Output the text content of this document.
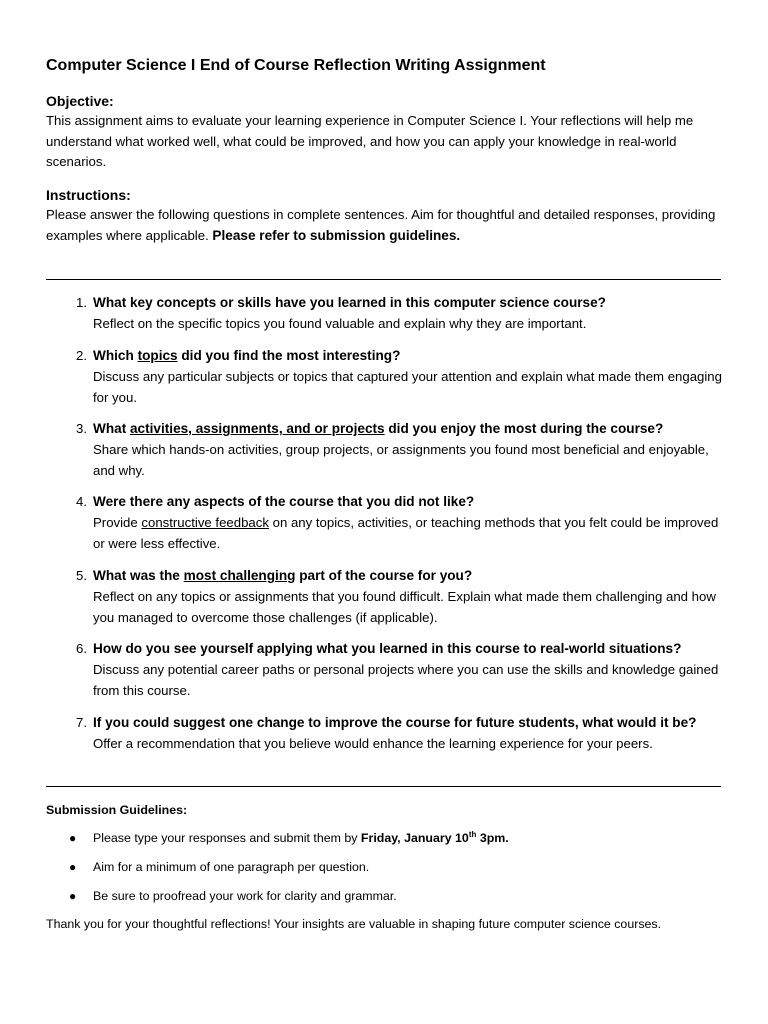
Computer Science I End of Course Reflection Writing Assignment
Objective:
This assignment aims to evaluate your learning experience in Computer Science I. Your reflections will help me understand what worked well, what could be improved, and how you can apply your knowledge in real-world scenarios.
Instructions:
Please answer the following questions in complete sentences. Aim for thoughtful and detailed responses, providing examples where applicable. Please refer to submission guidelines.
1. What key concepts or skills have you learned in this computer science course?
Reflect on the specific topics you found valuable and explain why they are important.
2. Which topics did you find the most interesting?
Discuss any particular subjects or topics that captured your attention and explain what made them engaging for you.
3. What activities, assignments, and or projects did you enjoy the most during the course?
Share which hands-on activities, group projects, or assignments you found most beneficial and enjoyable, and why.
4. Were there any aspects of the course that you did not like?
Provide constructive feedback on any topics, activities, or teaching methods that you felt could be improved or were less effective.
5. What was the most challenging part of the course for you?
Reflect on any topics or assignments that you found difficult. Explain what made them challenging and how you managed to overcome those challenges (if applicable).
6. How do you see yourself applying what you learned in this course to real-world situations?
Discuss any potential career paths or personal projects where you can use the skills and knowledge gained from this course.
7. If you could suggest one change to improve the course for future students, what would it be?
Offer a recommendation that you believe would enhance the learning experience for your peers.
Submission Guidelines:
● Please type your responses and submit them by Friday, January 10th 3pm.
● Aim for a minimum of one paragraph per question.
● Be sure to proofread your work for clarity and grammar.
Thank you for your thoughtful reflections! Your insights are valuable in shaping future computer science courses.
